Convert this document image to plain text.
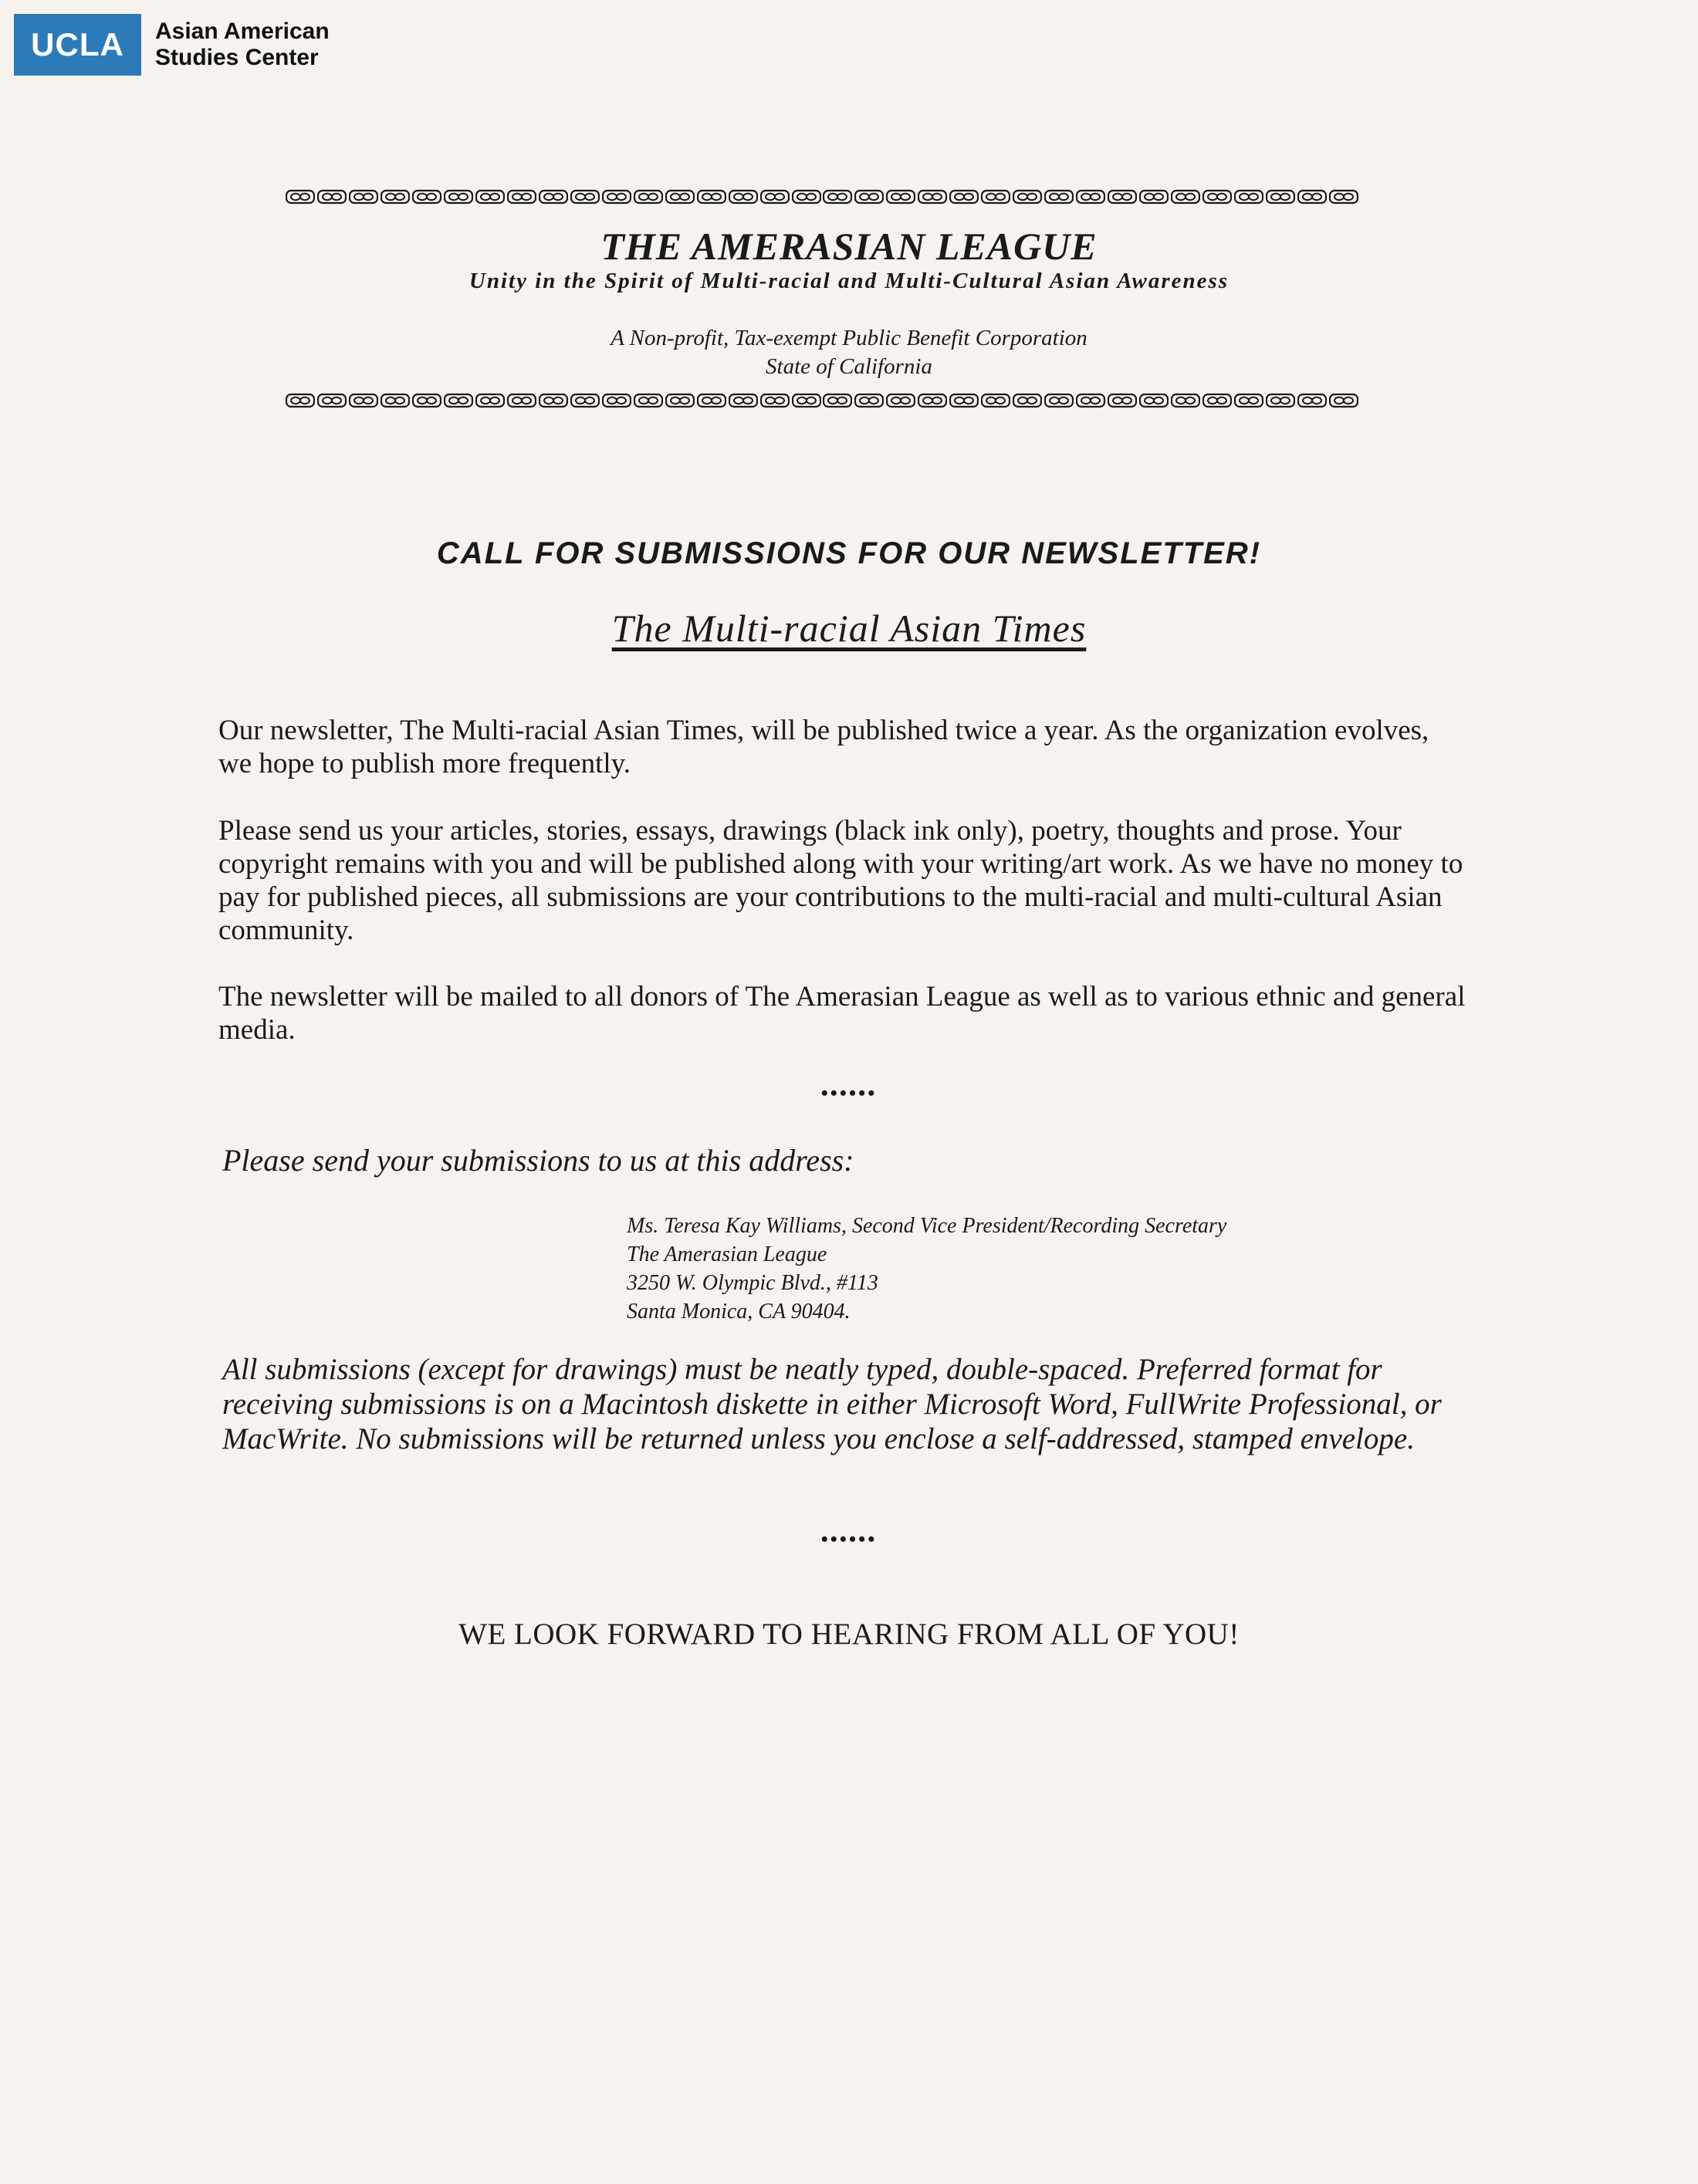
UCLA	Asian American
Studies Center
THE AMERASIAN LEAGUE
Unity in the Spirit of Multi-racial and Multi-Cultural Asian Awareness
A Non-profit, Tax-exempt Public Benefit Corporation
State of California
CALL FOR SUBMISSIONS FOR OUR NEWSLETTER!
The Multi-racial Asian Times

Our newsletter, The Multi-racial Asian Times, will be published twice a year. As the organization evolves, we hope to publish more frequently.

Please send us your articles, stories, essays, drawings (black ink only), poetry, thoughts and prose. Your copyright remains with you and will be published along with your writing/art work. As we have no money to pay for published pieces, all submissions are your contributions to the multi-racial and multi-cultural Asian community.

The newsletter will be mailed to all donors of The Amerasian League as well as to various ethnic and general media.

••••••
Please send your submissions to us at this address:
Ms. Teresa Kay Williams, Second Vice President/Recording Secretary
The Amerasian League
3250 W. Olympic Blvd., #113
Santa Monica, CA 90404.

All submissions (except for drawings) must be neatly typed, double-spaced. Preferred format for receiving submissions is on a Macintosh diskette in either Microsoft Word, FullWrite Professional, or MacWrite. No submissions will be returned unless you enclose a self-addressed, stamped envelope.

••••••
WE LOOK FORWARD TO HEARING FROM ALL OF YOU!
